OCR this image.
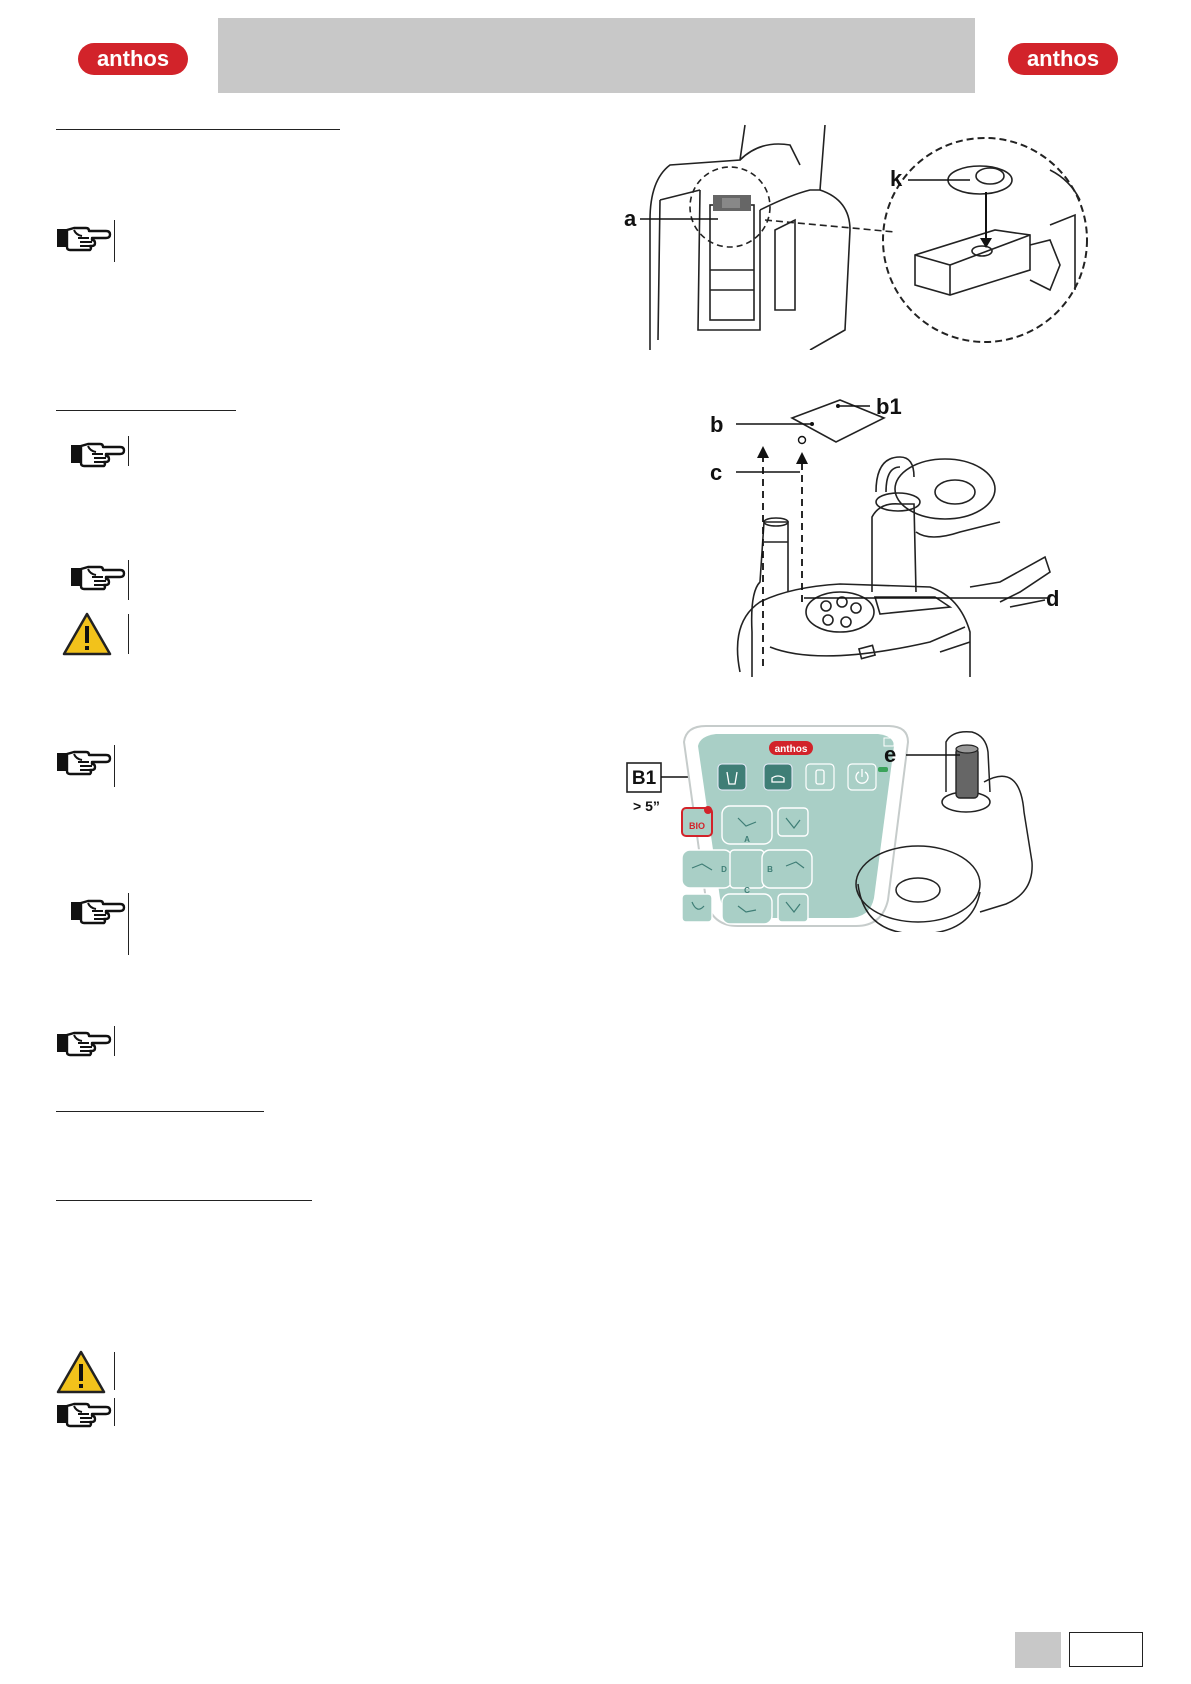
anthos	anthos
a
k
b
b1
c
d
B1
> 5”
anthos
BIO
A
B
C
D
e
